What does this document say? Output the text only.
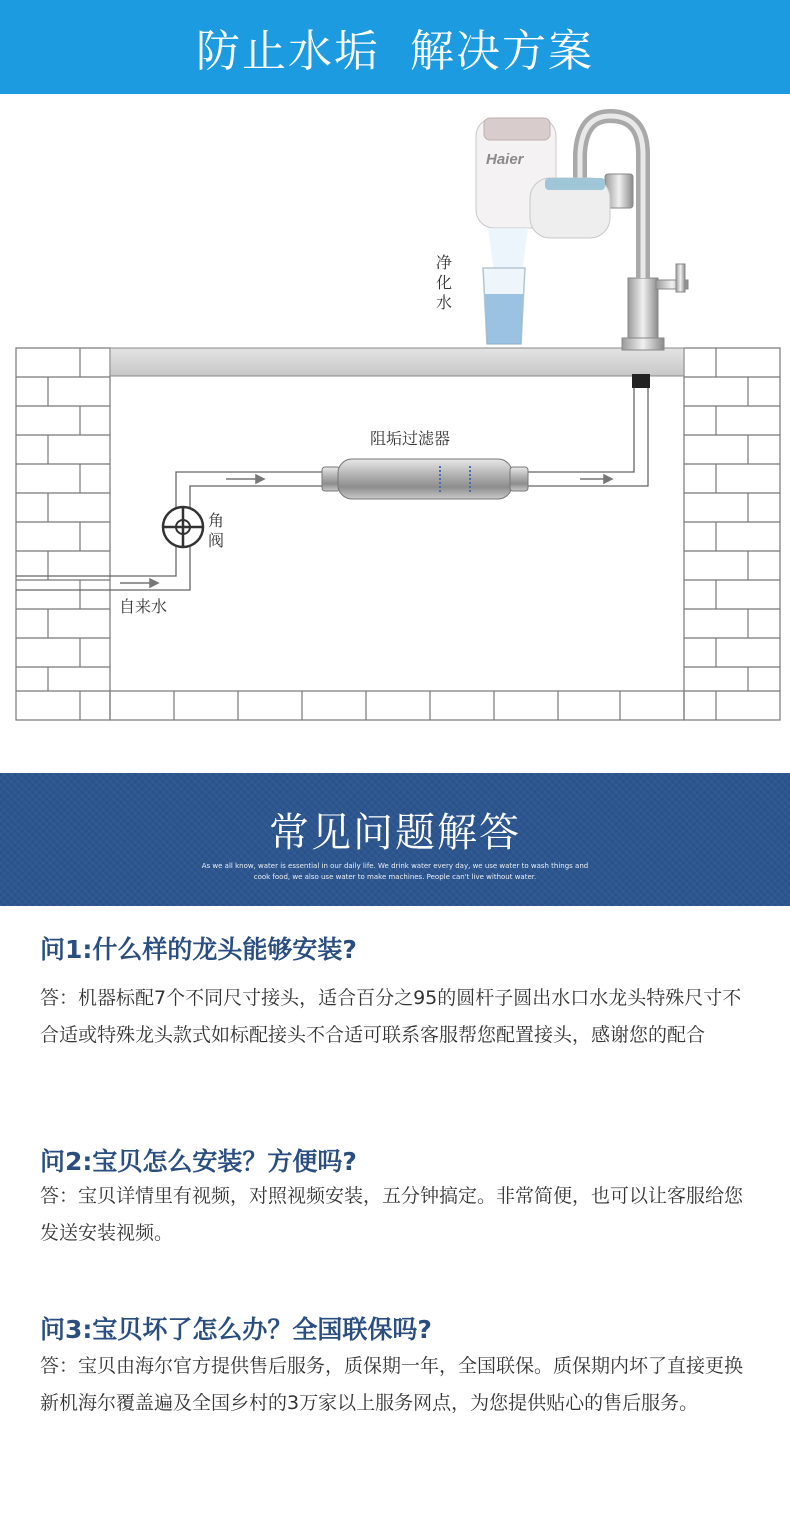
防止水垢 解决方案
Haier
净
化
水
阻垢过滤器
角
阀
自来水
常见问题解答
As we all know, water is essential in our daily life. We drink water every day, we use water to wash things and
cook food, we also use water to make machines. People can't live without water.
问1:什么样的龙头能够安装?
答：机器标配7个不同尺寸接头，适合百分之95的圆杆子圆出水口水龙头特殊尺寸不合适或特殊龙头款式如标配接头不合适可联系客服帮您配置接头，感谢您的配合
问2:宝贝怎么安装？方便吗?
答：宝贝详情里有视频，对照视频安装，五分钟搞定。非常简便，也可以让客服给您发送安装视频。
问3:宝贝坏了怎么办？全国联保吗?
答：宝贝由海尔官方提供售后服务，质保期一年，全国联保。质保期内坏了直接更换新机海尔覆盖遍及全国乡村的3万家以上服务网点，为您提供贴心的售后服务。
